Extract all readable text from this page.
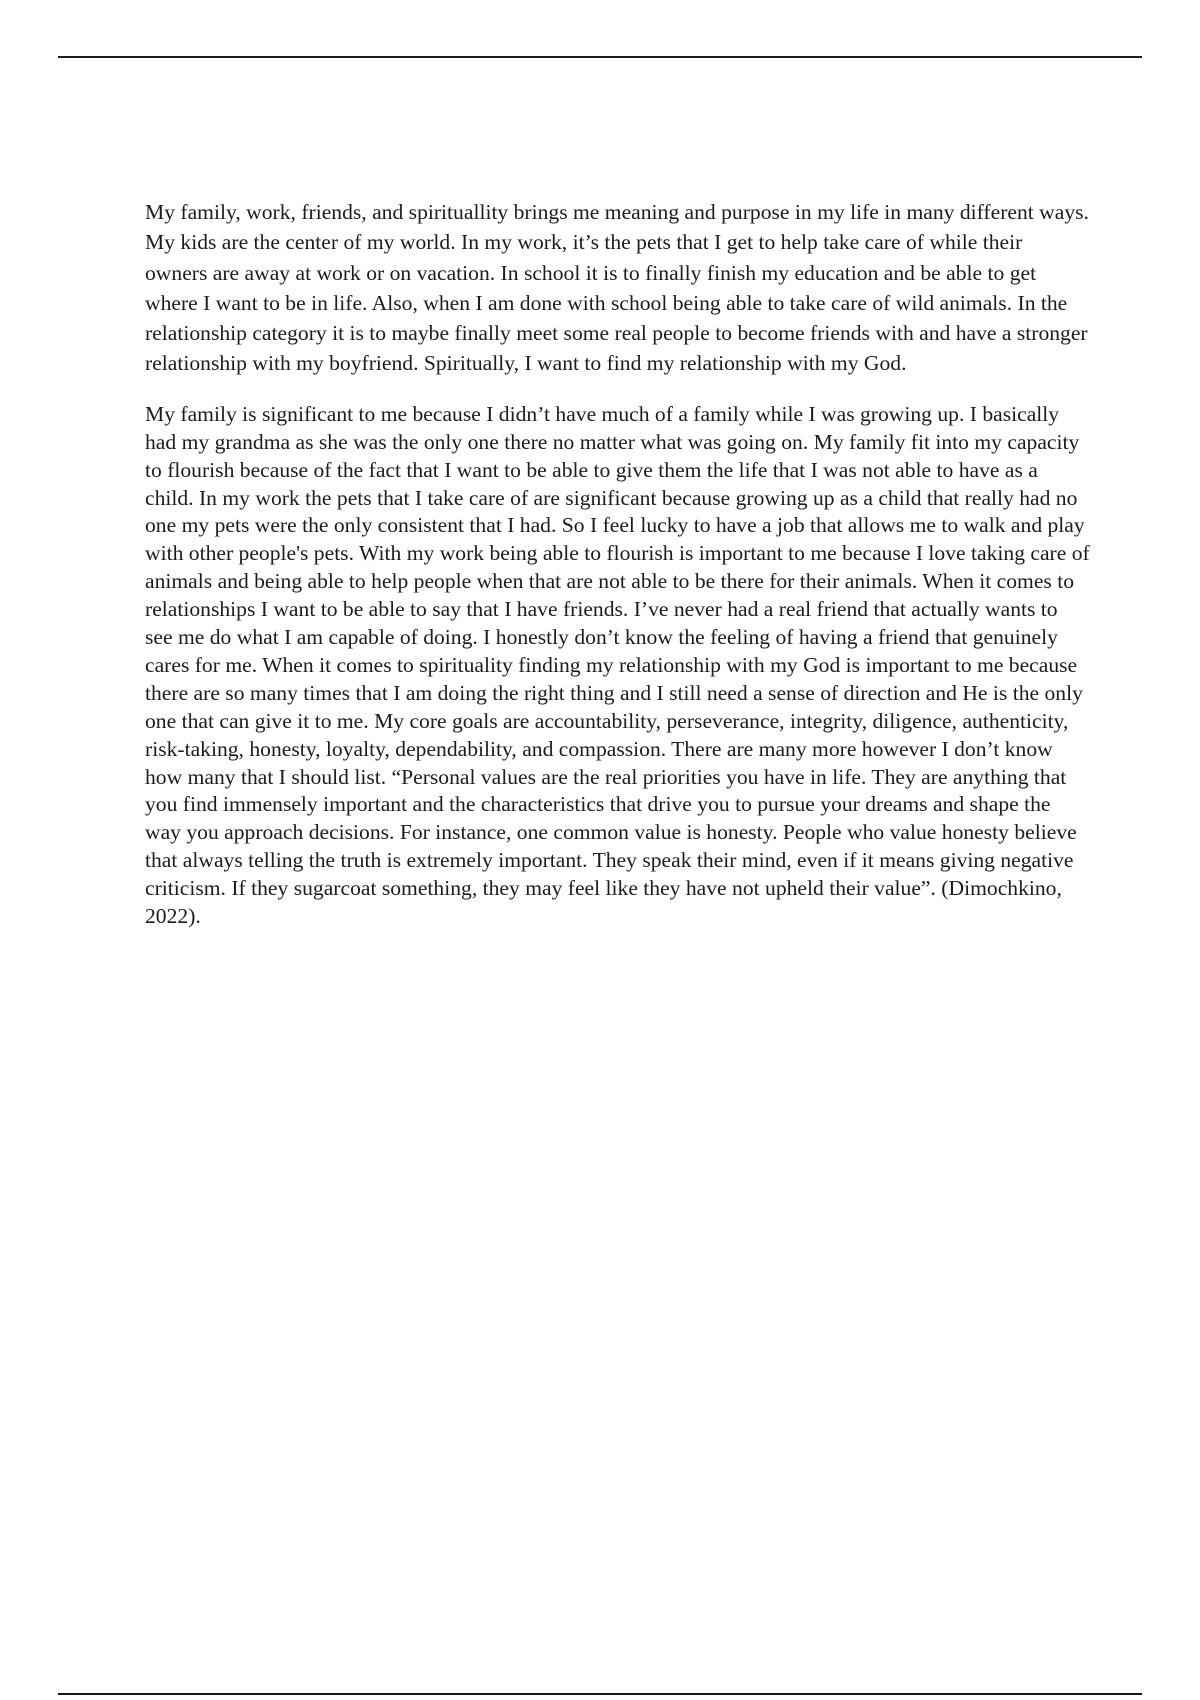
My family, work, friends, and spirituallity brings me meaning and purpose in my life in many different ways. My kids are the center of my world. In my work, it’s the pets that I get to help take care of while their owners are away at work or on vacation. In school it is to finally finish my education and be able to get where I want to be in life. Also, when I am done with school being able to take care of wild animals. In the relationship category it is to maybe finally meet some real people to become friends with and have a stronger relationship with my boyfriend. Spiritually, I want to find my relationship with my God.

My family is significant to me because I didn’t have much of a family while I was growing up. I basically had my grandma as she was the only one there no matter what was going on. My family fit into my capacity to flourish because of the fact that I want to be able to give them the life that I was not able to have as a child. In my work the pets that I take care of are significant because growing up as a child that really had no one my pets were the only consistent that I had. So I feel lucky to have a job that allows me to walk and play with other people's pets. With my work being able to flourish is important to me because I love taking care of animals and being able to help people when that are not able to be there for their animals. When it comes to relationships I want to be able to say that I have friends. I’ve never had a real friend that actually wants to see me do what I am capable of doing. I honestly don’t know the feeling of having a friend that genuinely cares for me. When it comes to spirituality finding my relationship with my God is important to me because there are so many times that I am doing the right thing and I still need a sense of direction and He is the only one that can give it to me. My core goals are accountability, perseverance, integrity, diligence, authenticity, risk-taking, honesty, loyalty, dependability, and compassion. There are many more however I don’t know how many that I should list. “Personal values are the real priorities you have in life. They are anything that you find immensely important and the characteristics that drive you to pursue your dreams and shape the way you approach decisions. For instance, one common value is honesty. People who value honesty believe that always telling the truth is extremely important. They speak their mind, even if it means giving negative criticism. If they sugarcoat something, they may feel like they have not upheld their value”. (Dimochkino, 2022).
